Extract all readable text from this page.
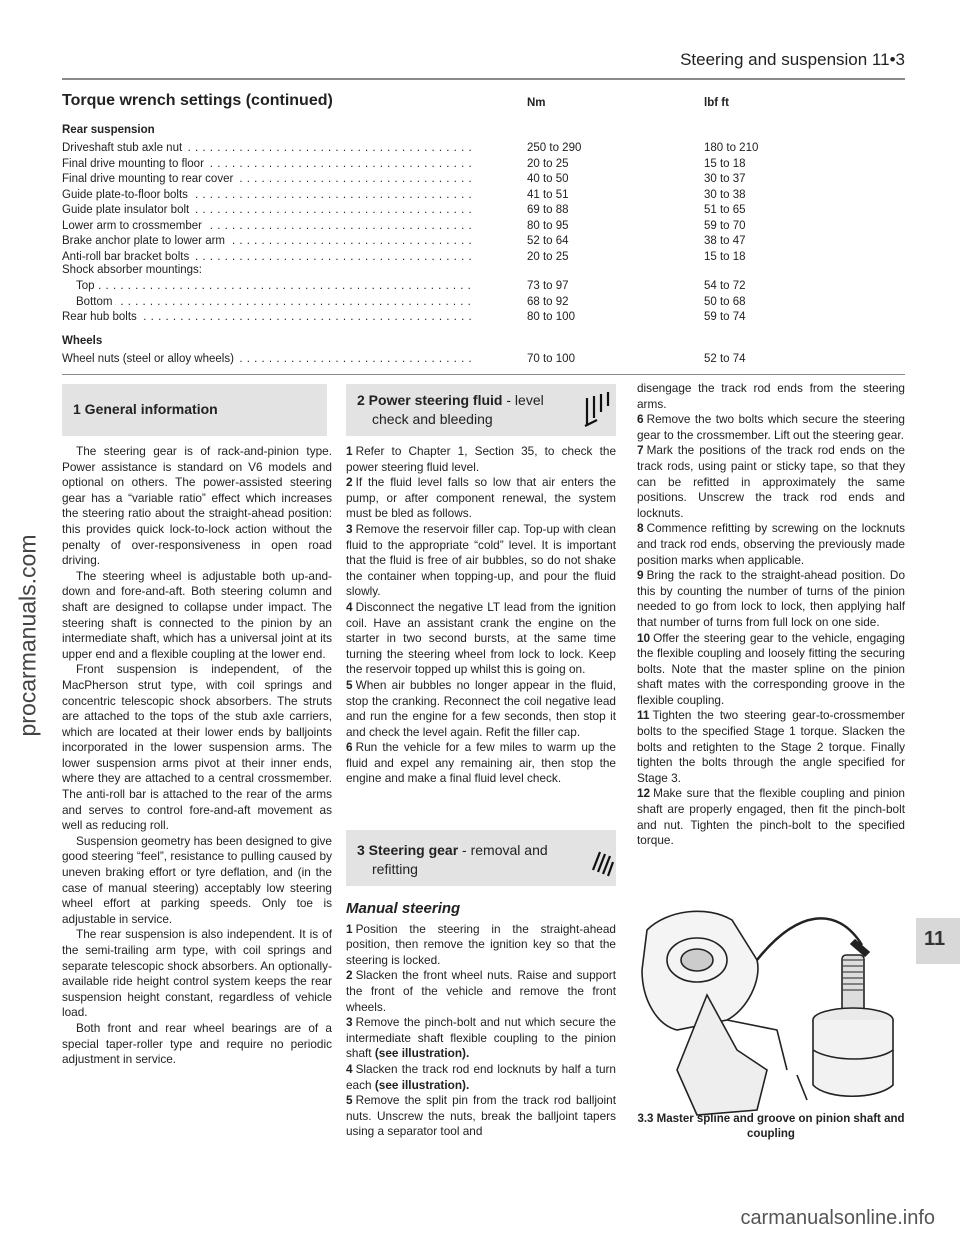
Steering and suspension 11•3
Torque wrench settings (continued)	Nm	lbf ft
Rear suspension
Driveshaft stub axle nut . . .	250 to 290	180 to 210
Final drive mounting to floor . . .	20 to 25	15 to 18
Final drive mounting to rear cover . . .	40 to 50	30 to 37
Guide plate-to-floor bolts . . .	41 to 51	30 to 38
Guide plate insulator bolt . . .	69 to 88	51 to 65
Lower arm to crossmember . . .	80 to 95	59 to 70
Brake anchor plate to lower arm . . .	52 to 64	38 to 47
Anti-roll bar bracket bolts . . .	20 to 25	15 to 18
Shock absorber mountings:
Top . . .	73 to 97	54 to 72
Bottom . . .	68 to 92	50 to 68
Rear hub bolts . . .	80 to 100	59 to 74
Wheels
Wheel nuts (steel or alloy wheels) . . .	70 to 100	52 to 74
1 General information
2 Power steering fluid - level
check and bleeding
3 Steering gear - removal and
refitting

The steering gear is of rack-and-pinion type. Power assistance is standard on V6 models and optional on others. The power-assisted steering gear has a “variable ratio” effect which increases the steering ratio about the straight-ahead position: this provides quick lock-to-lock action without the penalty of over-responsiveness in open road driving.

The steering wheel is adjustable both up-and-down and fore-and-aft. Both steering column and shaft are designed to collapse under impact. The steering shaft is connected to the pinion by an intermediate shaft, which has a universal joint at its upper end and a flexible coupling at the lower end.

Front suspension is independent, of the MacPherson strut type, with coil springs and concentric telescopic shock absorbers. The struts are attached to the tops of the stub axle carriers, which are located at their lower ends by balljoints incorporated in the lower suspension arms. The lower suspension arms pivot at their inner ends, where they are attached to a central crossmember. The anti-roll bar is attached to the rear of the arms and serves to control fore-and-aft movement as well as reducing roll.

Suspension geometry has been designed to give good steering “feel”, resistance to pulling caused by uneven braking effort or tyre deflation, and (in the case of manual steering) acceptably low steering wheel effort at parking speeds. Only toe is adjustable in service.

The rear suspension is also independent. It is of the semi-trailing arm type, with coil springs and separate telescopic shock absorbers. An optionally-available ride height control system keeps the rear suspension height constant, regardless of vehicle load.

Both front and rear wheel bearings are of a special taper-roller type and require no periodic adjustment in service.

1 Refer to Chapter 1, Section 35, to check the power steering fluid level.

2 If the fluid level falls so low that air enters the pump, or after component renewal, the system must be bled as follows.

3 Remove the reservoir filler cap. Top-up with clean fluid to the appropriate “cold” level. It is important that the fluid is free of air bubbles, so do not shake the container when topping-up, and pour the fluid slowly.

4 Disconnect the negative LT lead from the ignition coil. Have an assistant crank the engine on the starter in two second bursts, at the same time turning the steering wheel from lock to lock. Keep the reservoir topped up whilst this is going on.

5 When air bubbles no longer appear in the fluid, stop the cranking. Reconnect the coil negative lead and run the engine for a few seconds, then stop it and check the level again. Refit the filler cap.

6 Run the vehicle for a few miles to warm up the fluid and expel any remaining air, then stop the engine and make a final fluid level check.

Manual steering

1 Position the steering in the straight-ahead position, then remove the ignition key so that the steering is locked.

2 Slacken the front wheel nuts. Raise and support the front of the vehicle and remove the front wheels.

3 Remove the pinch-bolt and nut which secure the intermediate shaft flexible coupling to the pinion shaft (see illustration).

4 Slacken the track rod end locknuts by half a turn each (see illustration).

5 Remove the split pin from the track rod balljoint nuts. Unscrew the nuts, break the balljoint tapers using a separator tool and

disengage the track rod ends from the steering arms.

6 Remove the two bolts which secure the steering gear to the crossmember. Lift out the steering gear.

7 Mark the positions of the track rod ends on the track rods, using paint or sticky tape, so that they can be refitted in approximately the same positions. Unscrew the track rod ends and locknuts.

8 Commence refitting by screwing on the locknuts and track rod ends, observing the previously made position marks when applicable.

9 Bring the rack to the straight-ahead position. Do this by counting the number of turns of the pinion needed to go from lock to lock, then applying half that number of turns from full lock on one side.

10 Offer the steering gear to the vehicle, engaging the flexible coupling and loosely fitting the securing bolts. Note that the master spline on the pinion shaft mates with the corresponding groove in the flexible coupling.

11 Tighten the two steering gear-to-crossmember bolts to the specified Stage 1 torque. Slacken the bolts and retighten to the Stage 2 torque. Finally tighten the bolts through the angle specified for Stage 3.

12 Make sure that the flexible coupling and pinion shaft are properly engaged, then fit the pinch-bolt and nut. Tighten the pinch-bolt to the specified torque.

3.3 Master spline and groove on pinion shaft and coupling
11
procarmanuals.com
carmanualsonline.info
